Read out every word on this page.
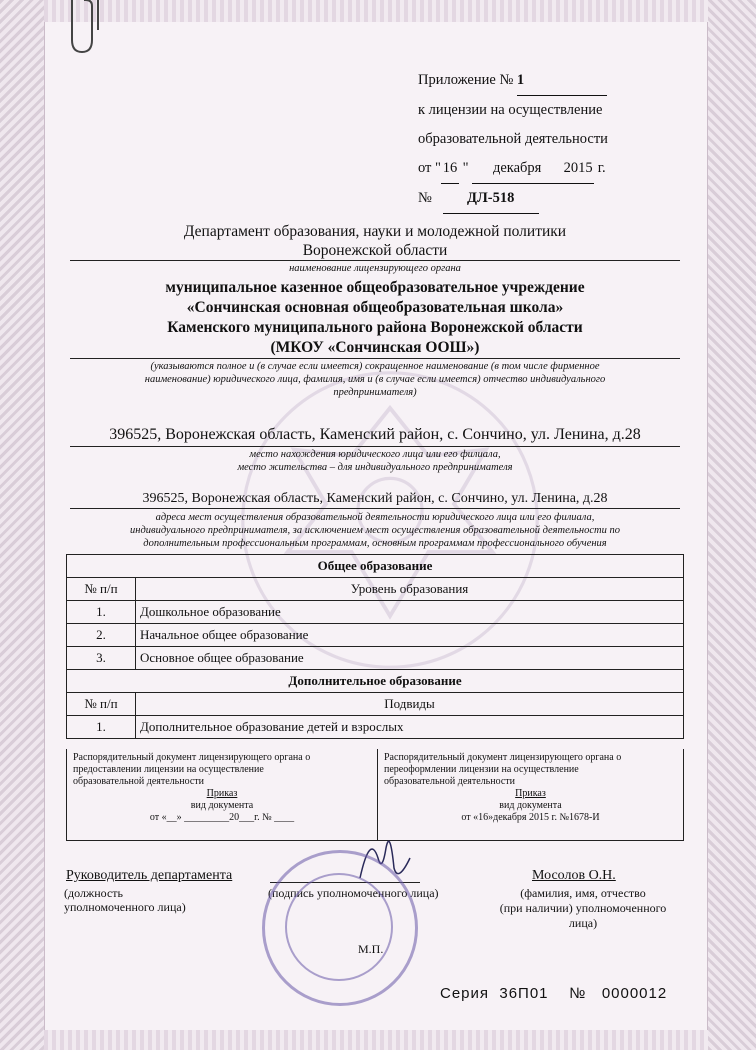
Приложение № 1
к лицензии на осуществление
образовательной деятельности
от " 16 " декабря 2015 г.
№ ДЛ-518
Департамент образования, науки и молодежной политики
Воронежской области
наименование лицензирующего органа
муниципальное казенное общеобразовательное учреждение
«Сончинская основная общеобразовательная школа»
Каменского муниципального района Воронежской области
(МКОУ «Сончинская ООШ»)
(указываются полное и (в случае если имеется) сокращенное наименование (в том числе фирменное
наименование) юридического лица, фамилия, имя и (в случае если имеется) отчество индивидуального
предпринимателя)
396525, Воронежская область, Каменский район, с. Сончино, ул. Ленина, д.28
место нахождения юридического лица или его филиала,
место жительства – для индивидуального предпринимателя
396525, Воронежская область, Каменский район, с. Сончино, ул. Ленина, д.28
адреса мест осуществления образовательной деятельности юридического лица или его филиала,
индивидуального предпринимателя, за исключением мест осуществления образовательной деятельности по
дополнительным профессиональным программам, основным программам профессионального обучения
Общее образование	
№ п/п	Уровень образования
1.	Дошкольное образование
2.	Начальное общее образование
3.	Основное общее образование
Дополнительное образование	
№ п/п	Подвиды
1.	Дополнительное образование детей и взрослых
Распорядительный документ лицензирующего органа о
предоставлении лицензии на осуществление
образовательной деятельности
Приказ
вид документа
от «__» _________20___г. № ____
Распорядительный документ лицензирующего органа о
переоформлении лицензии на осуществление
образовательной деятельности
Приказ
вид документа
от «16»декабря 2015 г. №1678-И
Руководитель департамента
(должность
уполномоченного лица)
(подпись уполномоченного лица)
Мосолов О.Н.
(фамилия, имя, отчество
(при наличии) уполномоченного
лица)
М.П.
Серия 36П01 № 0000012
